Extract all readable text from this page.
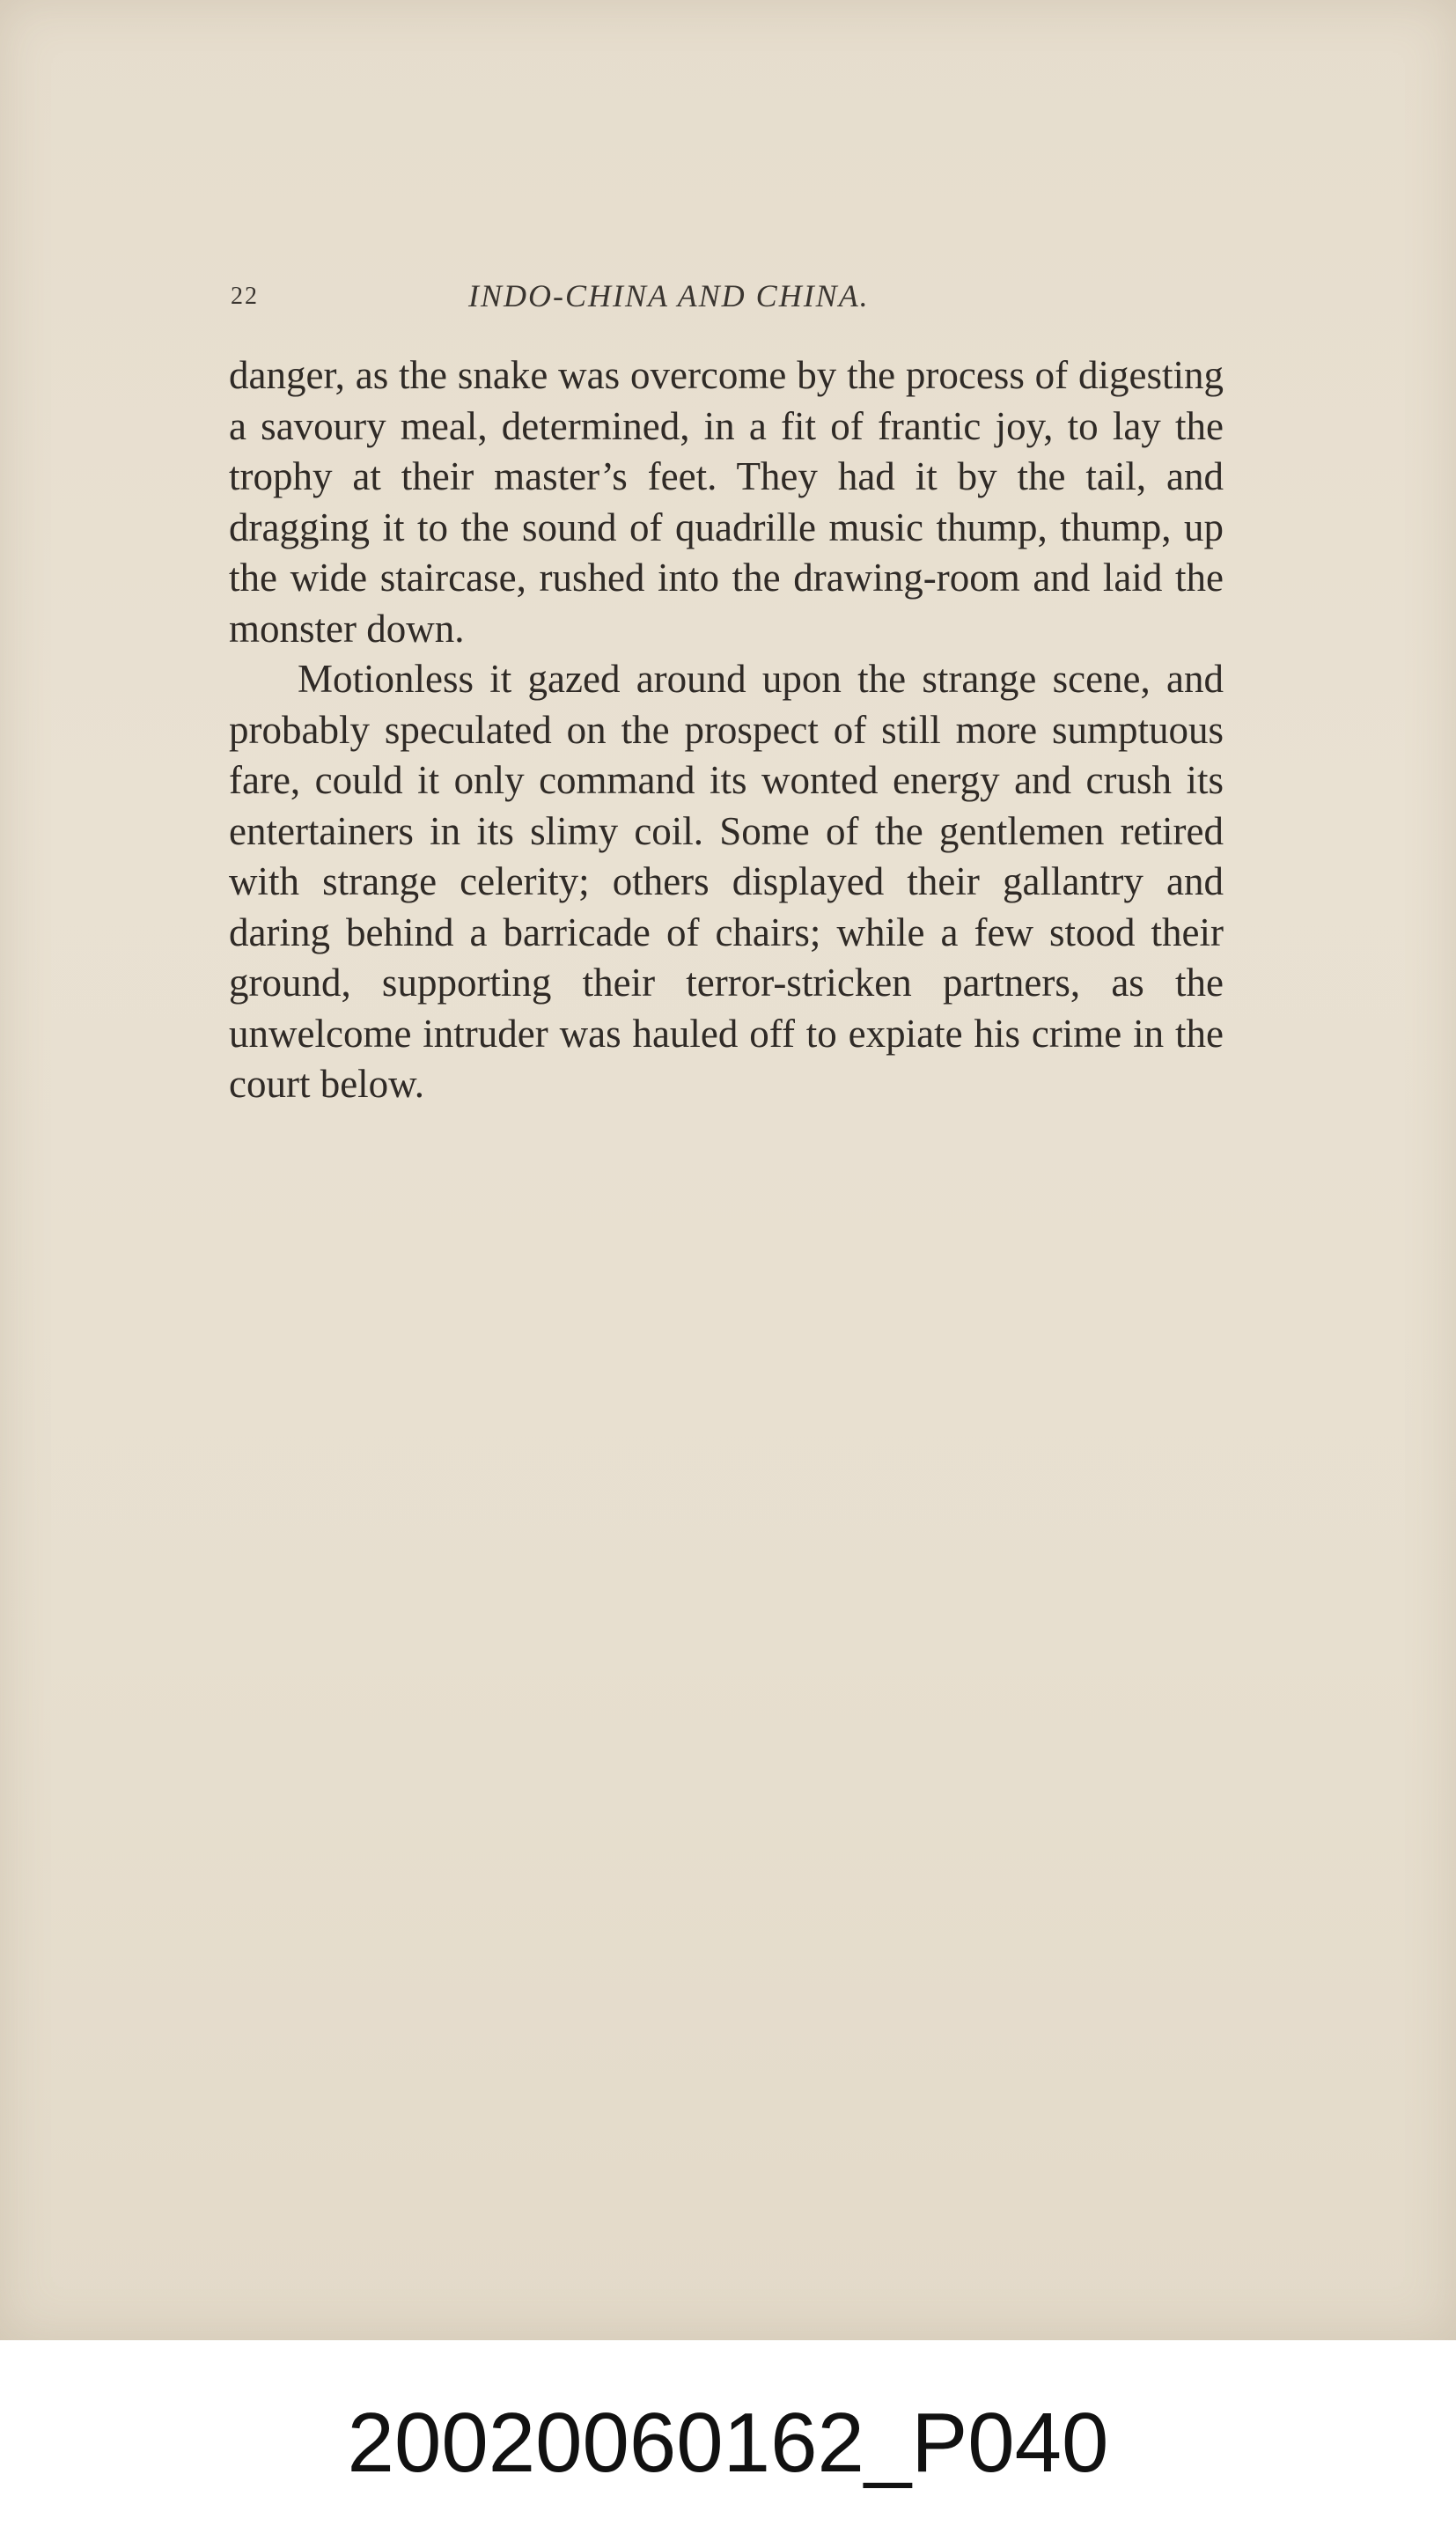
22	INDO-CHINA AND CHINA.

danger, as the snake was overcome by the process of digesting a savoury meal, determined, in a fit of frantic joy, to lay the trophy at their master’s feet. They had it by the tail, and dragging it to the sound of quadrille music thump, thump, up the wide staircase, rushed into the drawing-room and laid the monster down.

Motionless it gazed around upon the strange scene, and probably speculated on the prospect of still more sumptuous fare, could it only command its wonted energy and crush its entertainers in its slimy coil. Some of the gentlemen retired with strange celerity; others displayed their gallantry and daring behind a barricade of chairs; while a few stood their ground, supporting their terror-stricken partners, as the unwelcome intruder was hauled off to expiate his crime in the court below.

20020060162_P040
